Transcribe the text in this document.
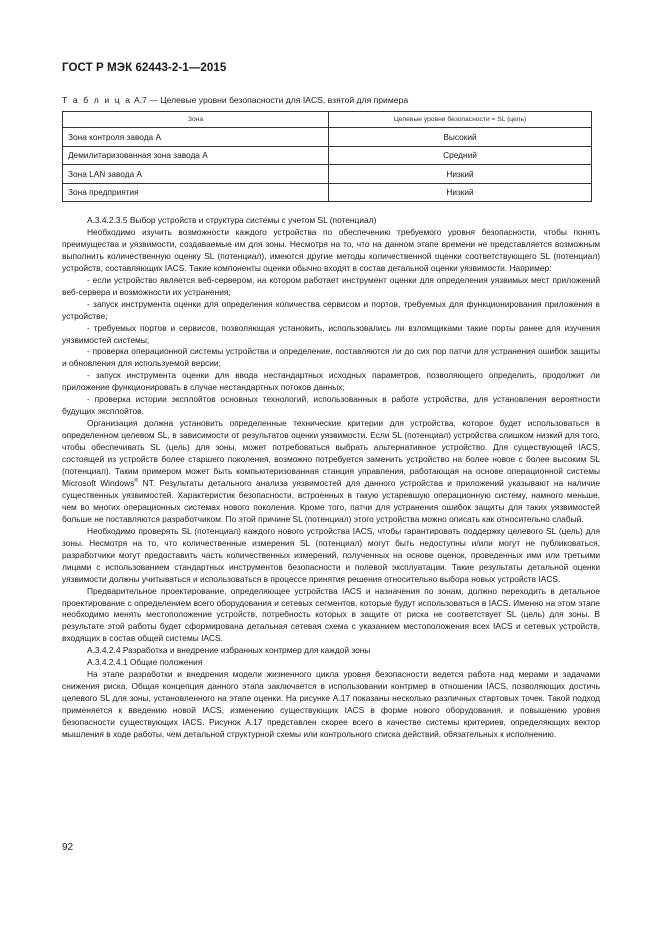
ГОСТ Р МЭК 62443-2-1—2015
Т а б л и ц а А.7 — Целевые уровни безопасности для IACS, взятой для примера
Зона	Целевые уровни безопасности = SL (цель)
Зона контроля завода А	Высокий
Демилитаризованная зона завода А	Средний
Зона LAN завода А	Низкий
Зона предприятия	Низкий

А.3.4.2.3.5 Выбор устройств и структура системы с учетом SL (потенциал)

Необходимо изучить возможности каждого устройства по обеспечению требуемого уровня безопасности, чтобы понять преимущества и уязвимости, создаваемые им для зоны. Несмотря на то, что на данном этапе времени не представляется возможным выполнить количественную оценку SL (потенциал), имеются другие методы количественной оценки соответствующего SL (потенциал) устройств, составляющих IACS. Такие компоненты оценки обычно входят в состав детальной оценки уязвимости. Например:

- если устройство является веб-сервером, на котором работает инструмент оценки для определения уязвимых мест приложений веб-сервера и возможности их устранения;

- запуск инструмента оценки для определения количества сервисом и портов, требуемых для функционирования приложения в устройстве;

- требуемых портов и сервисов, позволяющая установить, использовались ли взломщиками такие порты ранее для изучения уязвимостей системы;

- проверка операционной системы устройства и определение, поставляются ли до сих пор патчи для устранения ошибок защиты и обновления для используемой версии;

- запуск инструмента оценки для ввода нестандартных исходных параметров, позволяющего определить, продолжит ли приложение функционировать в случае нестандартных потоков данных;

- проверка истории эксплойтов основных технологий, использованных в работе устройства, для установления вероятности будущих эксплойтов.

Организация должна установить определенные технические критерии для устройства, которое будет использоваться в определенном целевом SL, в зависимости от результатов оценки уязвимости. Если SL (потенциал) устройства слишком низкий для того, чтобы обеспечивать SL (цель) для зоны, может потребоваться выбрать альтернативное устройство. Для существующей IACS, состоящей из устройств более старшего поколения, возможно потребуется заменить устройство на более новое с более высоким SL (потенциал). Таким примером может быть компьютеризованная станция управления, работающая на основе операционной системы Microsoft Windows® NT. Результаты детального анализа уязвимостей для данного устройства и приложений указывают на наличие существенных уязвимостей. Характеристик безопасности, встроенных в такую устаревшую операционную систему, намного меньше, чем во многих операционных системах нового поколения. Кроме того, патчи для устранения ошибок защиты для таких уязвимостей больше не поставляются разработчиком. По этой причине SL (потенциал) этого устройства можно описать как относительно слабый.

Необходимо проверять SL (потенциал) каждого нового устройства IACS, чтобы гарантировать поддержку целевого SL (цель) для зоны. Несмотря на то, что количественные измерения SL (потенциал) могут быть недоступны и/или могут не публиковаться, разработчики могут предоставить часть количественных измерений, полученных на основе оценок, проведенных ими или третьими лицами с использованием стандартных инструментов безопасности и полевой эксплуатации. Такие результаты детальной оценки уязвимости должны учитываться и использоваться в процессе принятия решения относительно выбора новых устройств IACS.

Предварительное проектирование, определяющее устройства IACS и назначения по зонам, должно переходить в детальное проектирование с определением всего оборудования и сетевых сегментов, которые будут использоваться в IACS. Именно на этом этапе необходимо менять местоположение устройств, потребность которых в защите от риска не соответствует SL (цель) для зоны. В результате этой работы будет сформирована детальная сетевая схема с указанием местоположения всех IACS и сетевых устройств, входящих в состав общей системы IACS.

А.3.4.2.4 Разработка и внедрение избранных контрмер для каждой зоны

А.3.4.2.4.1 Общие положения

На этапе разработки и внедрения модели жизненного цикла уровня безопасности ведется работа над мерами и задачами снижения риска. Общая концепция данного этапа заключается в использовании контрмер в отношении IACS, позволяющих достичь целевого SL для зоны, установленного на этапе оценки. На рисунке А.17 показаны несколько различных стартовых точек. Такой подход применяется к введению новой IACS, изменению существующих IACS в форме нового оборудования, и повышению уровня безопасности существующих IACS. Рисунок А.17 представлен скорее всего в качестве системы критериев, определяющих вектор мышления в ходе работы, чем детальной структурной схемы или контрольного списка действий, обязательных к исполнению.

92
